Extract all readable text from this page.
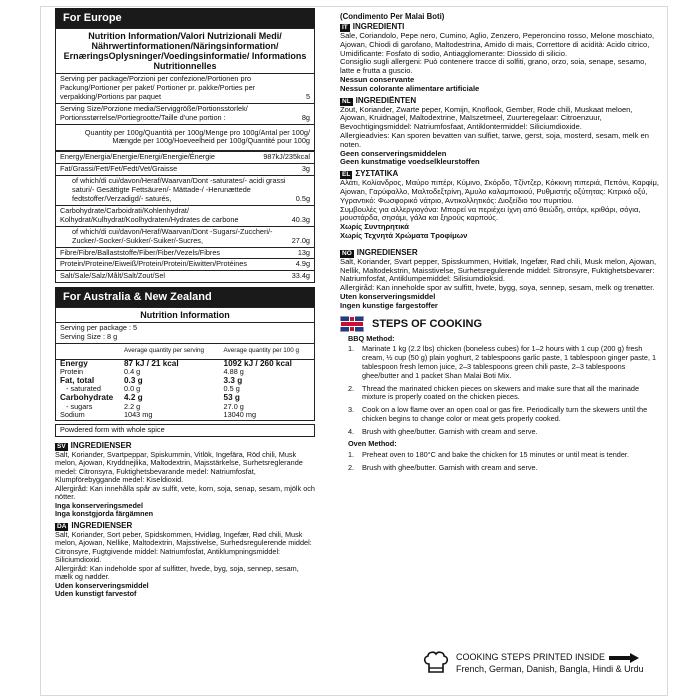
For Europe
Nutrition Information/Valori Nutrizionali Medi/ Nährwertinformationen/Näringsinformation/ ErnæringsOplysninger/Voedingsinformatie/ Informations Nutritionnelles
Serving per package/Porzioni per confezione/Portionen pro Packung/Portioner per paket/ Portioner pr. pakke/Porties per verpakking/Portions par paquet	5
Serving Size/Porzione media/Serviggröße/Portionsstorlek/ Portionsstørrelse/Portiegrootte/Taille d'une portion :	8g
Quantity per 100g/Quantità per 100g/Menge pro 100g/Antal per 100g/ Mængde per 100g/Hoeveelheid per 100g/Quantité pour 100g
Energy/Energia/Energie/Energi/Energie/Énergie	987kJ/235kcal
Fat/Grassi/Fett/Fet/Fedt/Vet/Graisse	3g
of which/di cui/davon/Heraf/Waarvan/Dont -saturates/- acidi grassi saturi/- Gesättigte Fettsäuren/- Mättade-/ -Herunættede fedtstoffer/Verzadigd/- saturés,	0.5g
Carbohydrate/Carboidrati/Kohlenhydrat/ Kolhydrat/Kulhydrat/Koolhydraten/Hydrates de carbone	40.3g
of which/di cui/davon/Heraf/Waarvan/Dont -Sugars/-Zuccheri/-Zucker/-Socker/-Sukker/-Suiker/-Sucres,	27.0g
Fibre/Fibre/Ballaststoffe/Fiber/Fiber/Vezels/Fibres	13g
Protein/Proteine/Eiweiß/Protein/Protein/Eiwitten/Protéines	4.9g
Salt/Sale/Salz/Målt/Salt/Zout/Sel	33.4g
For Australia & New Zealand
Nutrition Information
Serving per package : 5
Serving Size : 8 g
	Average quantity per serving	Average quantity per 100 g
Energy	87 kJ / 21 kcal	1092 kJ / 260 kcal
Protein	0.4 g	4.88 g
Fat, total	0.3 g	3.3 g
- saturated	0.0 g	0.5 g
Carbohydrate	4.2 g	53 g
- sugars	2.2 g	27.0 g
Sodium	1043 mg	13040 mg
Powdered form with whole spice

SV INGREDIENSER

Salt, Koriander, Svartpeppar, Spiskummin, Vitlök, Ingefära, Röd chili, Musk melon, Ajowan, Kryddnejlika, Maltodextrin, Majsstärkelse, Surhetsreglerande medel: Citronsyra, Fuktighetsbevarande medel: Natriumfosfat, Klumpförebyggande medel: Kiseldioxid.

Allergiråd: Kan innehålla spår av sulfit, vete, korn, soja, senap, sesam, mjölk och nötter.

Inga konserveringsmedel

Inga konstgjorda färgämnen

DA INGREDIENSER

Salt, Koriander, Sort peber, Spidskommen, Hvidløg, Ingefær, Rød chili, Musk melon, Ajowan, Nellike, Maltodextrin, Majsstivelse, Surhedsregulerende middel: Citronsyre, Fugtgivende middel: Natriumfosfat, Antiklumpningsmiddel: Siliciumdioxid.

Allergiråd: Kan indeholde spor af sulfitter, hvede, byg, soja, sennep, sesam, mælk og nødder.

Uden konserveringsmiddel

Uden kunstigt farvestof

(Condimento Per Malai Boti)

IT INGREDIENTI

Sale, Coriandolo, Pepe nero, Cumino, Aglio, Zenzero, Peperoncino rosso, Melone moschiato, Ajowan, Chiodi di garofano, Maltodestrina, Amido di mais, Correttore di acidità: Acido citrico, Umidificante: Fosfato di sodio, Antiagglomerante: Diossido di silicio.

Consiglio sugli allergeni: Può contenere tracce di solfiti, grano, orzo, soia, senape, sesamo, latte e frutta a guscio.

Nessun conservante

Nessun colorante alimentare artificiale

NL INGREDIËNTEN

Zout, Koriander, Zwarte peper, Komijn, Knoflook, Gember, Rode chili, Muskaat meloen, Ajowan, Kruidnagel, Maltodextrine, Maïszetmeel, Zuurteregelaar: Citroenzuur, Bevochtigingsmiddel: Natriumfosfaat, Antiklontermiddel: Siliciumdioxide.

Allergieadvies: Kan sporen bevatten van sulfiet, tarwe, gerst, soja, mosterd, sesam, melk en noten.

Geen conserveringsmiddelen

Geen kunstmatige voedselkleurstoffen

EL ΣΥΣΤΑΤΙΚΑ

Αλάτι, Κολίανδρος, Μαύρο πιπέρι, Κύμινο, Σκόρδο, Τζίντζερ, Κόκκινη πιπεριά, Πεπόνι, Καρφίμ, Ajowan, Γαρύφαλλο, Μαλτοδεξτρίνη, Άμυλο καλαμποκιού, Ρυθμιστής οξύτητας: Κιτρικό οξύ, Υγραντικό: Φωσφορικό νάτριο, Αντικολλητικός: Διοξείδιο του πυριτίου.

Συμβουλές για αλλεργιογόνα: Μπορεί να περιέχει ίχνη από θειώδη, σιτάρι, κριθάρι, σόγια, μουστάρδα, σησάμι, γάλα και ξηρούς καρπούς.

Χωρίς Συντηρητικά

Χωρίς Τεχνητά Χρώματα Τροφίμων

NO INGREDIENSER

Salt, Koriander, Svart pepper, Spisskummen, Hvitløk, Ingefær, Rød chili, Musk melon, Ajowan, Nellik, Maltodekstrin, Maisstivelse, Surhetsregulerende middel: Sitronsyre, Fuktighetsbevarer: Natriumfosfat, Antiklumpemiddel: Silisiumdioksid.

Allergiråd: Kan inneholde spor av sulfitt, hvete, bygg, soya, sennep, sesam, melk og trenøtter.

Uten konserveringsmiddel

Ingen kunstige fargestoffer

STEPS OF COOKING
BBQ Method:
1.	Marinate 1 kg (2.2 lbs) chicken (boneless cubes) for 1–2 hours with 1 cup (200 g) fresh cream, ½ cup (50 g) plain yoghurt, 2 tablespoons garlic paste, 1 tablespoon ginger paste, 1 tablespoon fresh lemon juice, 2–3 tablespoons green chili paste, 2–3 tablespoons ghee/butter and 1 packet Shan Malai Boti Mix.
2.	Thread the marinated chicken pieces on skewers and make sure that all the marinade mixture is properly coated on the chicken pieces.
3.	Cook on a low flame over an open coal or gas fire. Periodically turn the skewers until the chicken begins to change color or meat gets properly cooked.
4.	Brush with ghee/butter. Garnish with cream and serve.
Oven Method:
1.	Preheat oven to 180°C and bake the chicken for 15 minutes or until meat is tender.
2.	Brush with ghee/butter. Garnish with cream and serve.
COOKING STEPS PRINTED INSIDE
French, German, Danish, Bangla, Hindi & Urdu
